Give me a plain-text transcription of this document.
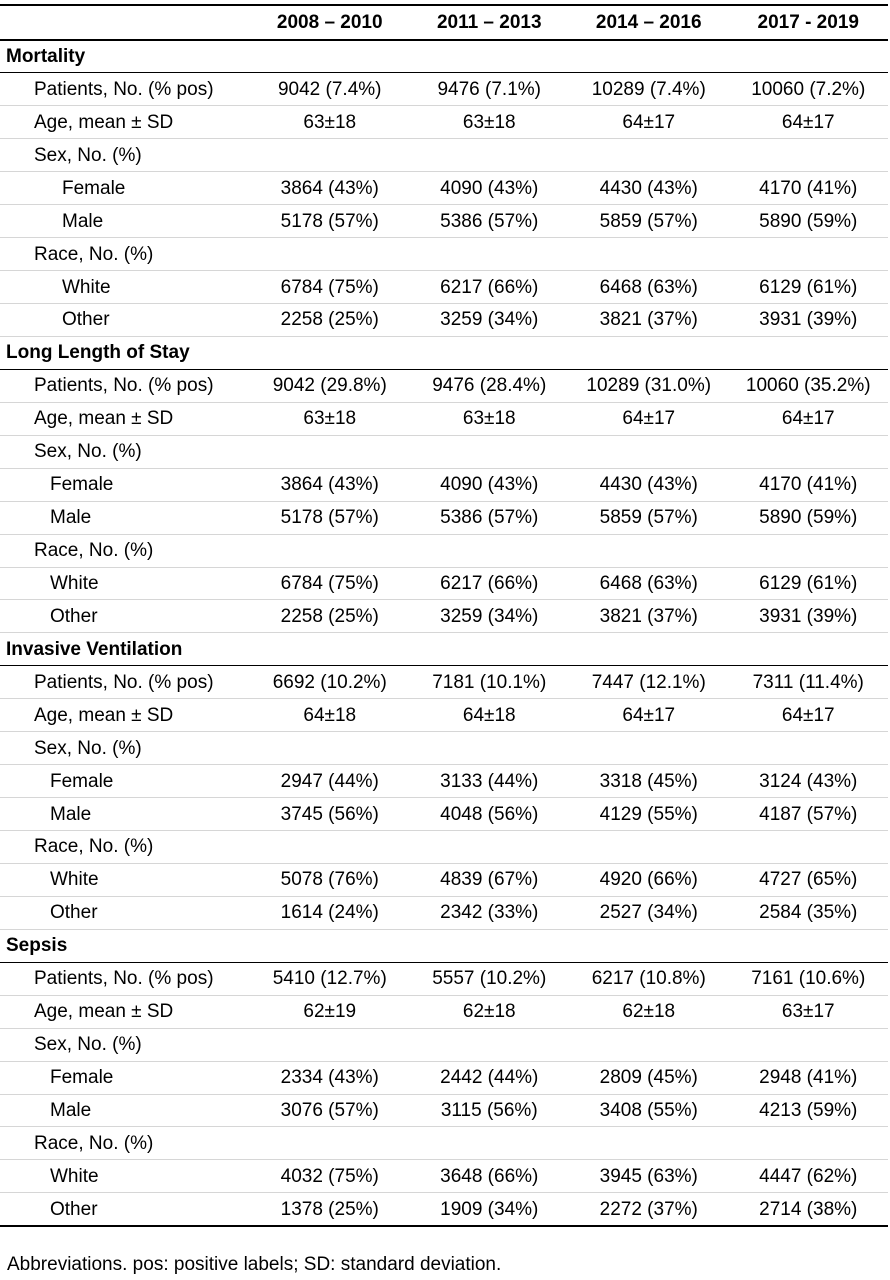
	2008 – 2010	2011 – 2013	2014 – 2016	2017 - 2019
Mortality				
Patients, No. (% pos)	9042 (7.4%)	9476 (7.1%)	10289 (7.4%)	10060 (7.2%)
Age, mean ± SD	63±18	63±18	64±17	64±17
Sex, No. (%)				
Female	3864 (43%)	4090 (43%)	4430 (43%)	4170 (41%)
Male	5178 (57%)	5386 (57%)	5859 (57%)	5890 (59%)
Race, No. (%)				
White	6784 (75%)	6217 (66%)	6468 (63%)	6129 (61%)
Other	2258 (25%)	3259 (34%)	3821 (37%)	3931 (39%)
Long Length of Stay				
Patients, No. (% pos)	9042 (29.8%)	9476 (28.4%)	10289 (31.0%)	10060 (35.2%)
Age, mean ± SD	63±18	63±18	64±17	64±17
Sex, No. (%)				
Female	3864 (43%)	4090 (43%)	4430 (43%)	4170 (41%)
Male	5178 (57%)	5386 (57%)	5859 (57%)	5890 (59%)
Race, No. (%)				
White	6784 (75%)	6217 (66%)	6468 (63%)	6129 (61%)
Other	2258 (25%)	3259 (34%)	3821 (37%)	3931 (39%)
Invasive Ventilation				
Patients, No. (% pos)	6692 (10.2%)	7181 (10.1%)	7447 (12.1%)	7311 (11.4%)
Age, mean ± SD	64±18	64±18	64±17	64±17
Sex, No. (%)				
Female	2947 (44%)	3133 (44%)	3318 (45%)	3124 (43%)
Male	3745 (56%)	4048 (56%)	4129 (55%)	4187 (57%)
Race, No. (%)				
White	5078 (76%)	4839 (67%)	4920 (66%)	4727 (65%)
Other	1614 (24%)	2342 (33%)	2527 (34%)	2584 (35%)
Sepsis				
Patients, No. (% pos)	5410 (12.7%)	5557 (10.2%)	6217 (10.8%)	7161 (10.6%)
Age, mean ± SD	62±19	62±18	62±18	63±17
Sex, No. (%)				
Female	2334 (43%)	2442 (44%)	2809 (45%)	2948 (41%)
Male	3076 (57%)	3115 (56%)	3408 (55%)	4213 (59%)
Race, No. (%)				
White	4032 (75%)	3648 (66%)	3945 (63%)	4447 (62%)
Other	1378 (25%)	1909 (34%)	2272 (37%)	2714 (38%)
Abbreviations. pos: positive labels; SD: standard deviation.
